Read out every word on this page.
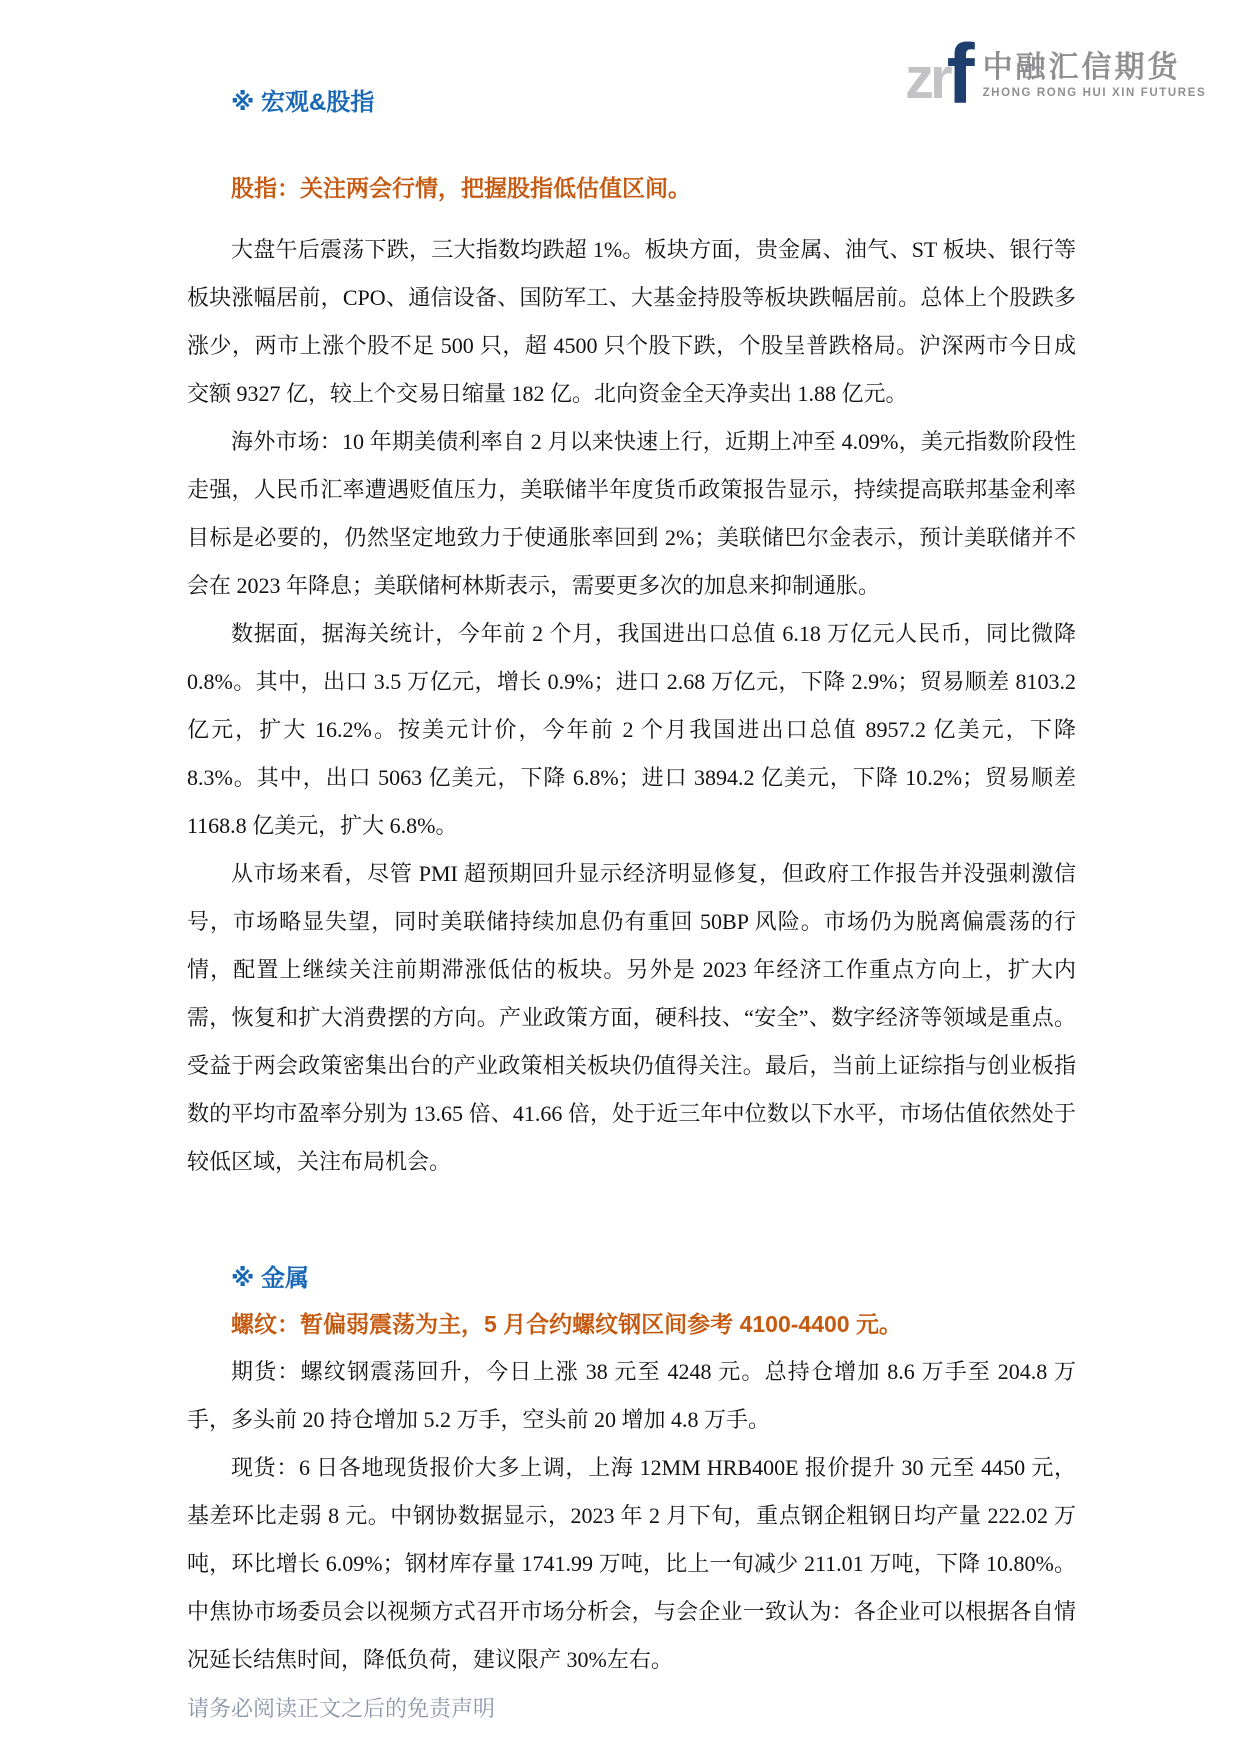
zr
f 中融汇信期货
ZHONG RONG HUI XIN FUTURES
※ 宏观&股指
股指：关注两会行情，把握股指低估值区间。

大盘午后震荡下跌，三大指数均跌超 1%。板块方面，贵金属、油气、ST 板块、银行等板块涨幅居前，CPO、通信设备、国防军工、大基金持股等板块跌幅居前。总体上个股跌多涨少，两市上涨个股不足 500 只，超 4500 只个股下跌，个股呈普跌格局。沪深两市今日成交额 9327 亿，较上个交易日缩量 182 亿。北向资金全天净卖出 1.88 亿元。

海外市场：10 年期美债利率自 2 月以来快速上行，近期上冲至 4.09%，美元指数阶段性走强，人民币汇率遭遇贬值压力，美联储半年度货币政策报告显示，持续提高联邦基金利率目标是必要的，仍然坚定地致力于使通胀率回到 2%；美联储巴尔金表示，预计美联储并不会在 2023 年降息；美联储柯林斯表示，需要更多次的加息来抑制通胀。

数据面，据海关统计，今年前 2 个月，我国进出口总值 6.18 万亿元人民币，同比微降 0.8%。其中，出口 3.5 万亿元，增长 0.9%；进口 2.68 万亿元，下降 2.9%；贸易顺差 8103.2 亿元，扩大 16.2%。按美元计价，今年前 2 个月我国进出口总值 8957.2 亿美元，下降 8.3%。其中，出口 5063 亿美元，下降 6.8%；进口 3894.2 亿美元，下降 10.2%；贸易顺差 1168.8 亿美元，扩大 6.8%。

从市场来看，尽管 PMI 超预期回升显示经济明显修复，但政府工作报告并没强刺激信号，市场略显失望，同时美联储持续加息仍有重回 50BP 风险。市场仍为脱离偏震荡的行情，配置上继续关注前期滞涨低估的板块。另外是 2023 年经济工作重点方向上，扩大内需，恢复和扩大消费摆的方向。产业政策方面，硬科技、“安全”、数字经济等领域是重点。受益于两会政策密集出台的产业政策相关板块仍值得关注。最后，当前上证综指与创业板指数的平均市盈率分别为 13.65 倍、41.66 倍，处于近三年中位数以下水平，市场估值依然处于较低区域，关注布局机会。

※ 金属
螺纹：暂偏弱震荡为主，5 月合约螺纹钢区间参考 4100-4400 元。

期货：螺纹钢震荡回升，今日上涨 38 元至 4248 元。总持仓增加 8.6 万手至 204.8 万手，多头前 20 持仓增加 5.2 万手，空头前 20 增加 4.8 万手。

现货：6 日各地现货报价大多上调，上海 12MM HRB400E 报价提升 30 元至 4450 元，基差环比走弱 8 元。中钢协数据显示，2023 年 2 月下旬，重点钢企粗钢日均产量 222.02 万吨，环比增长 6.09%；钢材库存量 1741.99 万吨，比上一旬减少 211.01 万吨，下降 10.80%。中焦协市场委员会以视频方式召开市场分析会，与会企业一致认为：各企业可以根据各自情况延长结焦时间，降低负荷，建议限产 30%左右。

请务必阅读正文之后的免责声明
